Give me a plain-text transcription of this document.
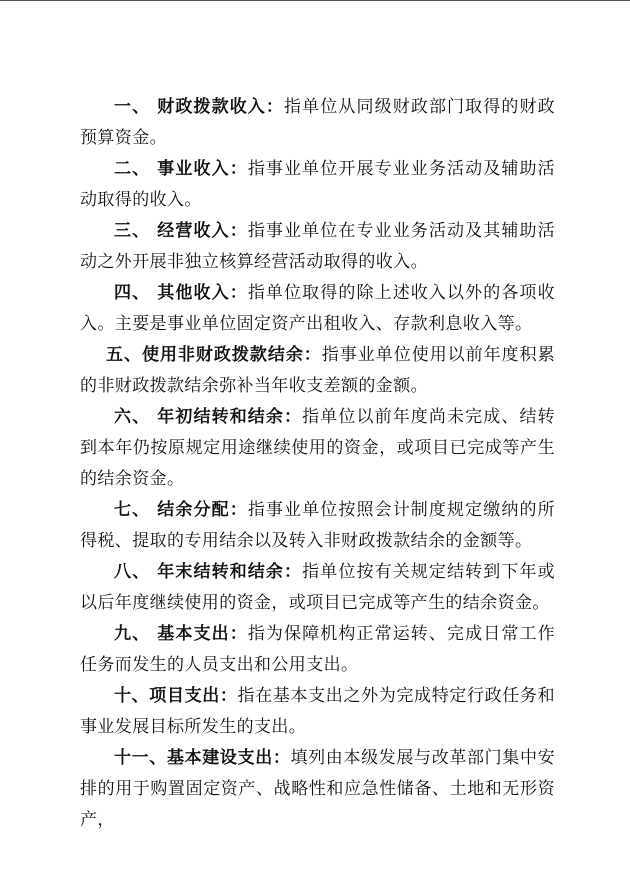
一、 财政拨款收入：指单位从同级财政部门取得的财政预算资金。

二、 事业收入：指事业单位开展专业业务活动及辅助活动取得的收入。

三、 经营收入：指事业单位在专业业务活动及其辅助活动之外开展非独立核算经营活动取得的收入。

四、 其他收入：指单位取得的除上述收入以外的各项收入。主要是事业单位固定资产出租收入、存款利息收入等。

五、使用非财政拨款结余：指事业单位使用以前年度积累的非财政拨款结余弥补当年收支差额的金额。

六、 年初结转和结余：指单位以前年度尚未完成、结转到本年仍按原规定用途继续使用的资金，或项目已完成等产生的结余资金。

七、 结余分配：指事业单位按照会计制度规定缴纳的所得税、提取的专用结余以及转入非财政拨款结余的金额等。

八、 年末结转和结余：指单位按有关规定结转到下年或以后年度继续使用的资金，或项目已完成等产生的结余资金。

九、 基本支出：指为保障机构正常运转、完成日常工作任务而发生的人员支出和公用支出。

十、项目支出：指在基本支出之外为完成特定行政任务和事业发展目标所发生的支出。

十一、基本建设支出：填列由本级发展与改革部门集中安排的用于购置固定资产、战略性和应急性储备、土地和无形资产，
